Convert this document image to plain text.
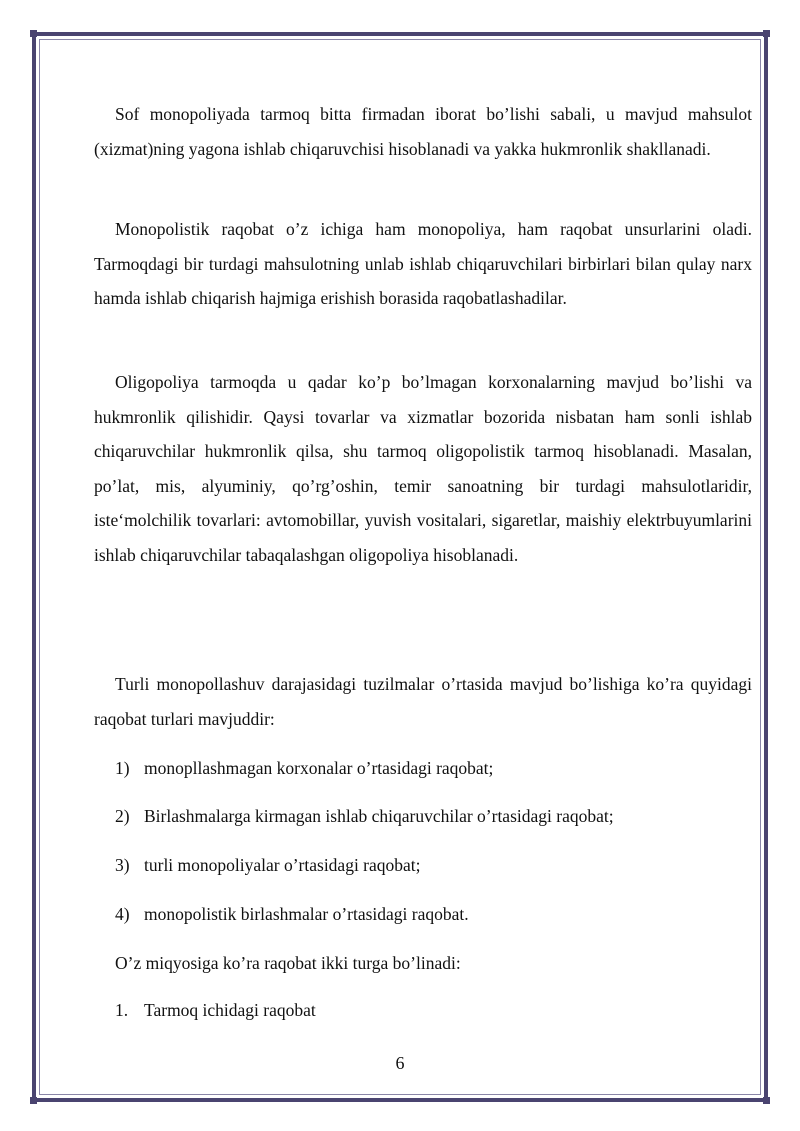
Sof monopoliyada tarmoq bitta firmadan iborat bo’lishi sabali, u mavjud mahsulot (xizmat)ning yagona ishlab chiqaruvchisi hisoblanadi va yakka hukmronlik shakllanadi.

Monopolistik raqobat o’z ichiga ham monopoliya, ham raqobat unsurlarini oladi. Tarmoqdagi bir turdagi mahsulotning unlab ishlab chiqaruvchilari birbirlari bilan qulay narx hamda ishlab chiqarish hajmiga erishish borasida raqobatlashadilar.

Oligopoliya tarmoqda u qadar ko’p bo’lmagan korxonalarning mavjud bo’lishi va hukmronlik qilishidir. Qaysi tovarlar va xizmatlar bozorida nisbatan ham sonli ishlab chiqaruvchilar hukmronlik qilsa, shu tarmoq oligopolistik tarmoq hisoblanadi. Masalan, po’lat, mis, alyuminiy, qo’rg’oshin, temir sanoatning bir turdagi mahsulotlaridir, iste‘molchilik tovarlari: avtomobillar, yuvish vositalari, sigaretlar, maishiy elektrbuyumlarini ishlab chiqaruvchilar tabaqalashgan oligopoliya hisoblanadi.

Turli monopollashuv darajasidagi tuzilmalar o’rtasida mavjud bo’lishiga ko’ra quyidagi raqobat turlari mavjuddir:

1) monopllashmagan korxonalar o’rtasidagi raqobat;
2) Birlashmalarga kirmagan ishlab chiqaruvchilar o’rtasidagi raqobat;
3) turli monopoliyalar o’rtasidagi raqobat;
4) monopolistik birlashmalar o’rtasidagi raqobat.
O’z miqyosiga ko’ra raqobat ikki turga bo’linadi:
1. Tarmoq ichidagi raqobat
6
